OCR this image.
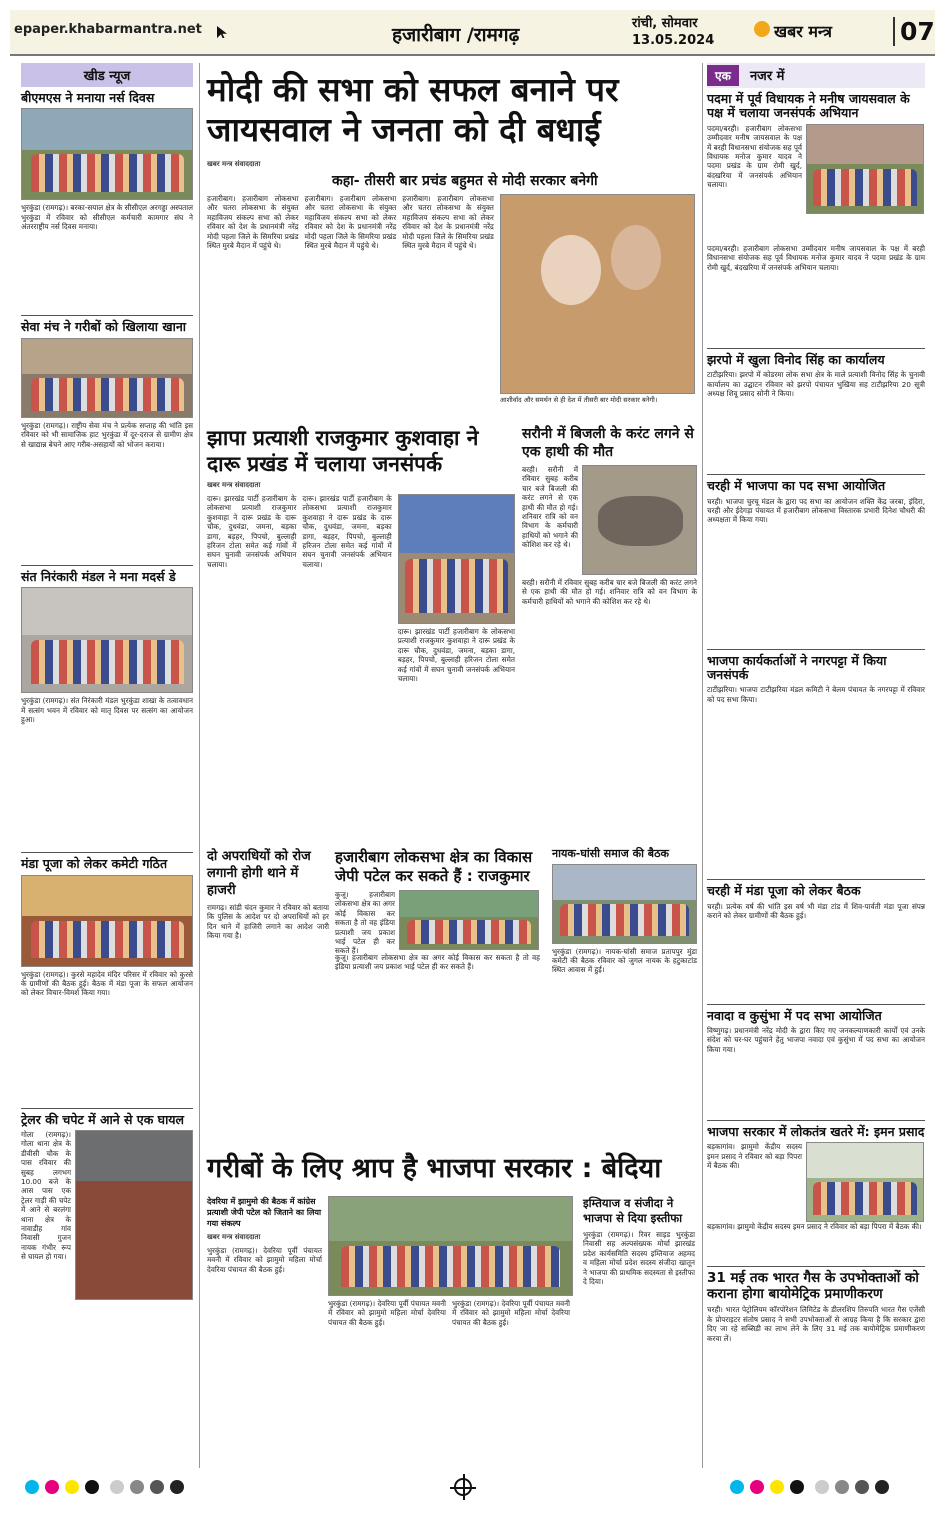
epaper.khabarmantra.net	हजारीबाग /रामगढ़
रांची, सोमवार
13.05.2024	खबर मन्त्र	07
खीड न्यूज
बीएमएस ने मनाया नर्स दिवस

भुरकुंडा (रामगढ़)। बरका-सयाल क्षेत्र के सीसीएल अरगड्डा अस्पताल भुरकुंडा में रविवार को सीसीएल कर्मचारी कामगार संघ ने अंतरराष्ट्रीय नर्स दिवस मनाया।

सेवा मंच ने गरीबों को खिलाया खाना

भुरकुंडा (रामगढ़)। राष्ट्रीय सेवा मंच ने प्रत्येक सप्ताह की भांति इस रविवार को भी सामाजिक हाट भुरकुंडा में दूर-दराज से ग्रामीण क्षेत्र से खाद्यान्न बेचने आए गरीब-असहायों को भोजन कराया।

संत निरंकारी मंडल ने मना मदर्स डे

भुरकुंडा (रामगढ़)। संत निरंकारी मंडल भुरकुंडा शाखा के तत्वावधान में सत्संग भवन में रविवार को मातृ दिवस पर सत्संग का आयोजन हुआ।

मंडा पूजा को लेकर कमेटी गठित

भुरकुंडा (रामगढ़)। कुरसे महादेव मंदिर परिसर में रविवार को कुरसे के ग्रामीणों की बैठक हुई। बैठक में मंडा पूजा के सफल आयोजन को लेकर विचार-विमर्श किया गया।

ट्रेलर की चपेट में आने से एक घायल

गोला (रामगढ़)। गोला थाना क्षेत्र के डीवीसी चौक के पास रविवार की सुबह लगभग 10.00 बजे के आस पास एक ट्रेलर गाड़ी की चपेट में आने से बरलंगा थाना क्षेत्र के नावाडीह गांव निवासी गुजन नायक गंभीर रूप से घायल हो गया।

मोदी की सभा को सफल बनाने पर जायसवाल ने जनता को दी बधाई
खबर मन्त्र संवाददाता
कहा- तीसरी बार प्रचंड बहुमत से मोदी सरकार बनेगी

हजारीबाग। हजारीबाग लोकसभा और चतरा लोकसभा के संयुक्त महाविजय संकल्प सभा को लेकर रविवार को देश के प्रधानमंत्री नरेंद्र मोदी पहला जिले के सिमरिया प्रखंड स्थित मुरबे मैदान में पहुंचे थे।

हजारीबाग। हजारीबाग लोकसभा और चतरा लोकसभा के संयुक्त महाविजय संकल्प सभा को लेकर रविवार को देश के प्रधानमंत्री नरेंद्र मोदी पहला जिले के सिमरिया प्रखंड स्थित मुरबे मैदान में पहुंचे थे।

हजारीबाग। हजारीबाग लोकसभा और चतरा लोकसभा के संयुक्त महाविजय संकल्प सभा को लेकर रविवार को देश के प्रधानमंत्री नरेंद्र मोदी पहला जिले के सिमरिया प्रखंड स्थित मुरबे मैदान में पहुंचे थे।

आशीर्वाद और समर्थन से ही देश में तीसरी बार मोदी सरकार बनेगी।
झापा प्रत्याशी राजकुमार कुशवाहा ने दारू प्रखंड में चलाया जनसंपर्क
खबर मन्त्र संवाददाता

दारू। झारखंड पार्टी हजारीबाग के लोकसभा प्रत्याशी राजकुमार कुशवाहा ने दारू प्रखंड के दारू चौक, दुधवंडा, जमना, बड़का डागा, बड़हर, पिपचो, बुल्लाही हरिजन टोला समेत कई गांवों में सघन चुनावी जनसंपर्क अभियान चलाया।

दारू। झारखंड पार्टी हजारीबाग के लोकसभा प्रत्याशी राजकुमार कुशवाहा ने दारू प्रखंड के दारू चौक, दुधवंडा, जमना, बड़का डागा, बड़हर, पिपचो, बुल्लाही हरिजन टोला समेत कई गांवों में सघन चुनावी जनसंपर्क अभियान चलाया।

दारू। झारखंड पार्टी हजारीबाग के लोकसभा प्रत्याशी राजकुमार कुशवाहा ने दारू प्रखंड के दारू चौक, दुधवंडा, जमना, बड़का डागा, बड़हर, पिपचो, बुल्लाही हरिजन टोला समेत कई गांवों में सघन चुनावी जनसंपर्क अभियान चलाया।

सरौनी में बिजली के करंट लगने से एक हाथी की मौत

बरही। सरौनी में रविवार सुबह करीब चार बजे बिजली की करंट लगने से एक हाथी की मौत हो गई। शनिवार रात्रि को वन विभाग के कर्मचारी हाथियों को भगाने की कोशिश कर रहे थे।

बरही। सरौनी में रविवार सुबह करीब चार बजे बिजली की करंट लगने से एक हाथी की मौत हो गई। शनिवार रात्रि को वन विभाग के कर्मचारी हाथियों को भगाने की कोशिश कर रहे थे।

दो अपराधियों को रोज लगानी होगी थाने में हाजरी

रामगढ़। सांडी चंदन कुमार ने रविवार को बताया कि पुलिस के आदेश पर दो अपराधियों को हर दिन थाने में हाजिरी लगाने का आदेश जारी किया गया है।

हजारीबाग लोकसभा क्षेत्र का विकास जेपी पटेल कर सकते हैं : राजकुमार

कुजू। हजारीबाग लोकसभा क्षेत्र का अगर कोई विकास कर सकता है तो वह इंडिया प्रत्याशी जय प्रकाश भाई पटेल ही कर सकते हैं।

कुजू। हजारीबाग लोकसभा क्षेत्र का अगर कोई विकास कर सकता है तो वह इंडिया प्रत्याशी जय प्रकाश भाई पटेल ही कर सकते हैं।

नायक-घांसी समाज की बैठक

भुरकुंडा (रामगढ़)। नायक-घांसी समाज प्रतापपुर मुंडा कमेटी की बैठक रविवार को जुगल नायक के हटुकाटांड स्थित आवास में हुई।

गरीबों के लिए श्राप है भाजपा सरकार : बेदिया
देवरिया में झामुमो की बैठक में कांग्रेस प्रत्याशी जेपी पटेल को जिताने का लिया गया संकल्प
खबर मन्त्र संवाददाता

भुरकुंडा (रामगढ़)। देवरिया पूर्वी पंचायत मवनी में रविवार को झामुमो महिला मोर्चा देवरिया पंचायत की बैठक हुई।

भुरकुंडा (रामगढ़)। देवरिया पूर्वी पंचायत मवनी में रविवार को झामुमो महिला मोर्चा देवरिया पंचायत की बैठक हुई।

भुरकुंडा (रामगढ़)। देवरिया पूर्वी पंचायत मवनी में रविवार को झामुमो महिला मोर्चा देवरिया पंचायत की बैठक हुई।

इम्तियाज व संजीदा ने भाजपा से दिया इस्तीफा

भुरकुंडा (रामगढ़)। रिवर साइड भुरकुंडा निवासी सह अल्पसंख्यक मोर्चा झारखंड प्रदेश कार्यसमिति सदस्य इम्तियाज अहमद व महिला मोर्चा प्रदेश सदस्य संजीदा खातून ने भाजपा की प्राथमिक सदस्यता से इस्तीफा दे दिया।

एक नजर में
पदमा में पूर्व विधायक ने मनीष जायसवाल के पक्ष में चलाया जनसंपर्क अभियान

पदमा/बरही। हजारीबाग लोकसभा उम्मीदवार मनीष जायसवाल के पक्ष में बरही विधानसभा संयोजक सह पूर्व विधायक मनोज कुमार यादव ने पदमा प्रखंड के ग्राम रोमी खुर्द, बंदखरिया में जनसंपर्क अभियान चलाया।

पदमा/बरही। हजारीबाग लोकसभा उम्मीदवार मनीष जायसवाल के पक्ष में बरही विधानसभा संयोजक सह पूर्व विधायक मनोज कुमार यादव ने पदमा प्रखंड के ग्राम रोमी खुर्द, बंदखरिया में जनसंपर्क अभियान चलाया।

झरपो में खुला विनोद सिंह का कार्यालय

टाटीझरिया। झरपो में कोडरमा लोक सभा क्षेत्र के माले प्रत्याशी विनोद सिंह के चुनावी कार्यालय का उद्घाटन रविवार को झरपो पंचायत भुखिया सह टाटीझरिया 20 सूत्री अध्यक्ष शिवू प्रसाद सोनी ने किया।

चरही में भाजपा का पद सभा आयोजित

चरही। भाजपा चुरचू मंडल के द्वारा पद सभा का आयोजन शक्ति केंद्र जरबा, इंदिरा, चरही और ईदेगड़ा पंचायत में हजारीबाग लोकसभा विस्तारक प्रभारी दिनेश चौधरी की अध्यक्षता में किया गया।

भाजपा कार्यकर्ताओं ने नगरपट्टा में किया जनसंपर्क

टाटीझरिया। भाजपा टाटीझरिया मंडल कमिटी ने बेलम पंचायत के नगरपट्टा में रविवार को पद सभा किया।

चरही में मंडा पूजा को लेकर बैठक

चरही। प्रत्येक वर्ष की भांति इस वर्ष भी मंडा टांड में शिव-पार्वती मंडा पूजा संपन्न कराने को लेकर ग्रामीणों की बैठक हुई।

नवादा व कुसुंभा में पद सभा आयोजित

विष्णुगढ़। प्रधानमंत्री नरेंद्र मोदी के द्वारा किए गए जनकल्याणकारी कार्यों एवं उनके संदेश को घर-घर पहुंचाने हेतु भाजपा नवादा एवं कुसुंभा में पद सभा का आयोजन किया गया।

भाजपा सरकार में लोकतंत्र खतरे में: इमन प्रसाद

बड़कागांव। झामुमो केंद्रीय सदस्य इमन प्रसाद ने रविवार को बड़ा पिपरा में बैठक की।

बड़कागांव। झामुमो केंद्रीय सदस्य इमन प्रसाद ने रविवार को बड़ा पिपरा में बैठक की।

31 मई तक भारत गैस के उपभोक्ताओं को कराना होगा बायोमेट्रिक प्रमाणीकरण

चरही। भारत पेट्रोलियम कॉरपोरेशन लिमिटेड के डीलरशिप तिरुपति भारत गैस एजेंसी के प्रोपराइटर संतोष प्रसाद ने सभी उपभोक्ताओं से आग्रह किया है कि सरकार द्वारा दिए जा रहे सब्सिडी का लाभ लेने के लिए 31 मई तक बायोमेट्रिक प्रमाणीकरण करवा लें।
